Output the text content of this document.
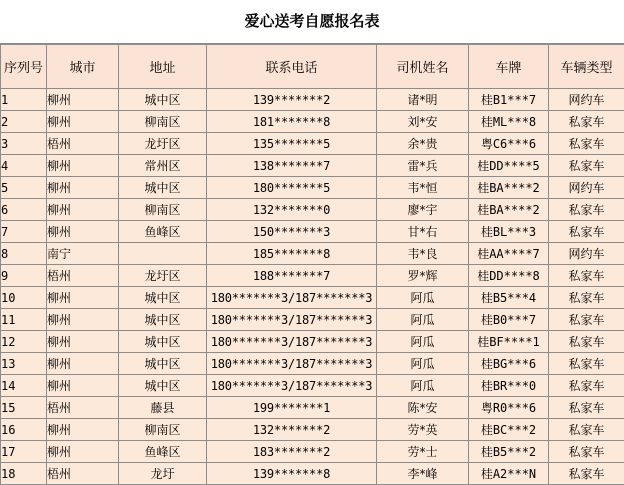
爱心送考自愿报名表
序列号	城市	地址	联系电话	司机姓名	车牌	车辆类型
1	柳州	城中区	139*******2	诸*明	桂B1***7	网约车
2	柳州	柳南区	181*******8	刘*安	桂ML***8	私家车
3	梧州	龙圩区	135*******5	余*贵	粤C6***6	私家车
4	柳州	常州区	138*******7	雷*兵	桂DD****5	私家车
5	柳州	城中区	180*******5	韦*恒	桂BA****2	网约车
6	柳州	柳南区	132*******0	廖*宇	桂BA****2	私家车
7	柳州	鱼峰区	150*******3	甘*右	桂BL***3	私家车
8	南宁		185*******8	韦*良	桂AA****7	网约车
9	梧州	龙圩区	188*******7	罗*辉	桂DD****8	私家车
10	柳州	城中区	180*******3/187*******3	阿瓜	桂B5***4	私家车
11	柳州	城中区	180*******3/187*******3	阿瓜	桂B0***7	私家车
12	柳州	城中区	180*******3/187*******3	阿瓜	桂BF****1	私家车
13	柳州	城中区	180*******3/187*******3	阿瓜	桂BG***6	私家车
14	柳州	城中区	180*******3/187*******3	阿瓜	桂BR***0	私家车
15	梧州	藤县	199*******1	陈*安	粤R0***6	私家车
16	柳州	柳南区	132*******2	劳*英	桂BC***2	私家车
17	柳州	鱼峰区	183*******2	劳*士	桂B5***2	私家车
18	梧州	龙圩	139*******8	李*峰	桂A2***N	私家车
